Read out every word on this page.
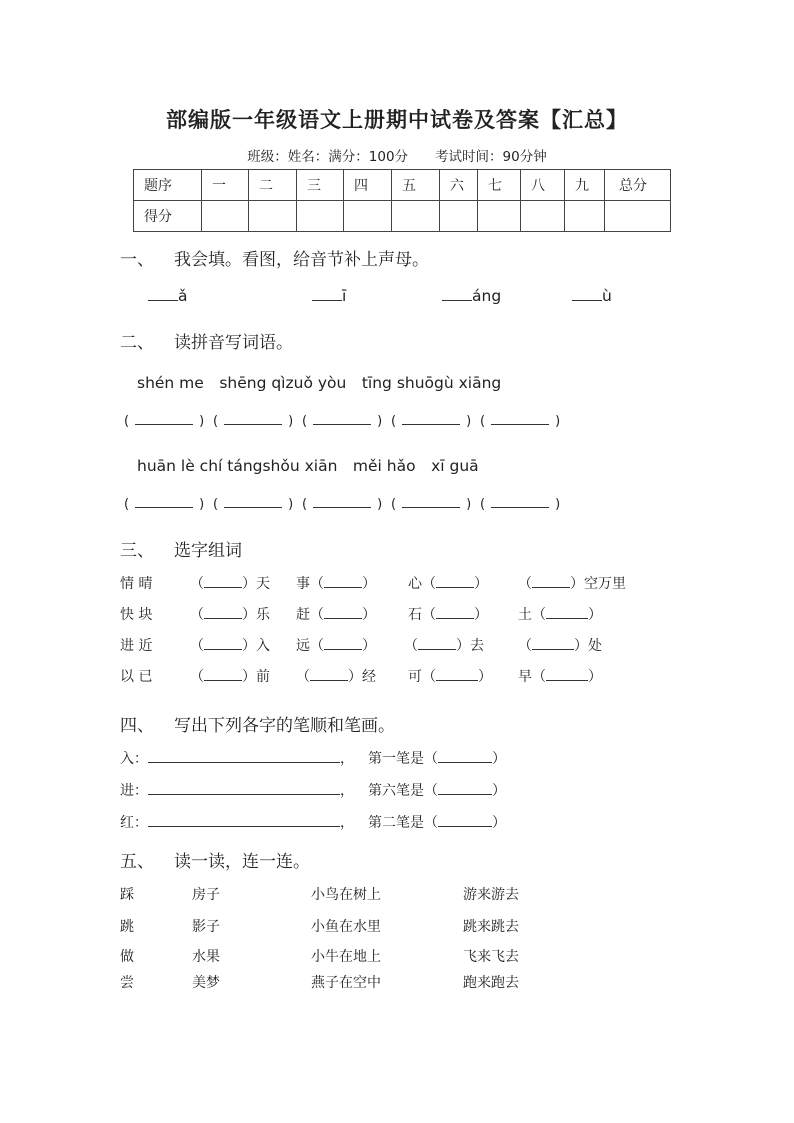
部编版一年级语文上册期中试卷及答案【汇总】
班级：姓名：满分：100分　　考试时间：90分钟
题序	一	二	三	四	五	六	七	八	九	总分
得分										
一、 我会填。看图，给音节补上声母。
ǎ	ī	áng	ù
二、 读拼音写词语。
shén me　shēng qìzuǒ yòu　tīng shuōgù xiāng
(	) (	) (	) (	) (	)
huān lè chí tángshǒu xiān　měi hǎo　xī guā
(	) (	) (	) (	) (	)
三、 选字组词
情 晴	（	）天 事（	） 心（	） （	）空万里
快 块	（	）乐 赶（	） 石（	） 土（	）
进 近	（	）入 远（	） （	）去 （	）处
以 已	（	）前 （	）经 可（	） 早（	）
四、 写出下列各字的笔顺和笔画。
入：	， 第一笔是（	）
进：	， 第六笔是（	）
红：	， 第二笔是（	）
五、 读一读，连一连。
踩	房子	小鸟在树上	游来游去
跳	影子	小鱼在水里	跳来跳去
做	水果	小牛在地上	飞来飞去
尝	美梦	燕子在空中	跑来跑去
